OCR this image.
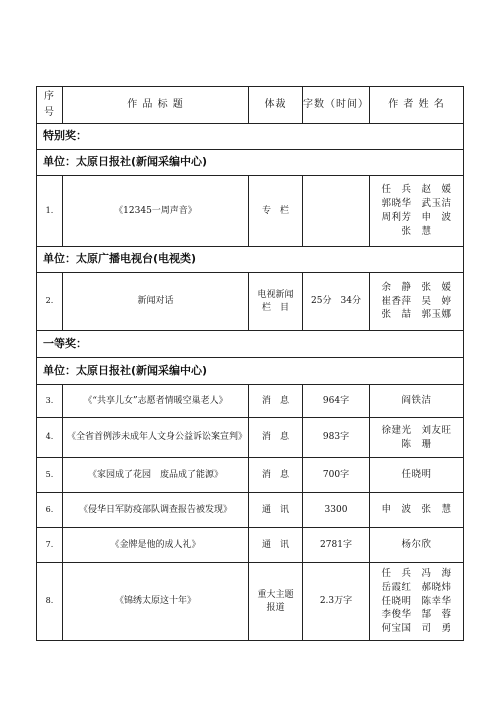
序
号	作 品 标 题	体裁	字数（时间）	作 者 姓 名
特别奖：				
单位：太原日报社(新闻采编中心)				
1.	《12345一周声音》	专　栏		任　兵　赵　媛
郭晓华　武玉洁
周利芳　申　波
张　慧

单位：太原广播电视台(电视类)				
2.	新闻对话	电视新闻
栏　目	25分　34分	余　静　张　媛
崔香萍　吴　婷
张　喆　郭玉娜

一等奖：				
单位：太原日报社(新闻采编中心)				
3.	《“共享儿女”志愿者情暖空巢老人》	消　息	964字	阎铁洁

4.	《全省首例涉未成年人文身公益诉讼案宣判》	消　息	983字	徐建光　刘友旺
陈　珊

5.	《家园成了花园　废品成了能源》	消　息	700字	任晓明

6.	《侵华日军防疫部队调查报告被发现》	通　讯	3300	申　波　张　慧

7.	《金牌是他的成人礼》	通　讯	2781字	杨尔欣

8.	《锦绣太原这十年》	重大主题
报道	2.3万字	任　兵　冯　海
岳霞红　郝晓炜
任晓明　陈幸华
李俊华　郜　蓉
何宝国　司　勇
